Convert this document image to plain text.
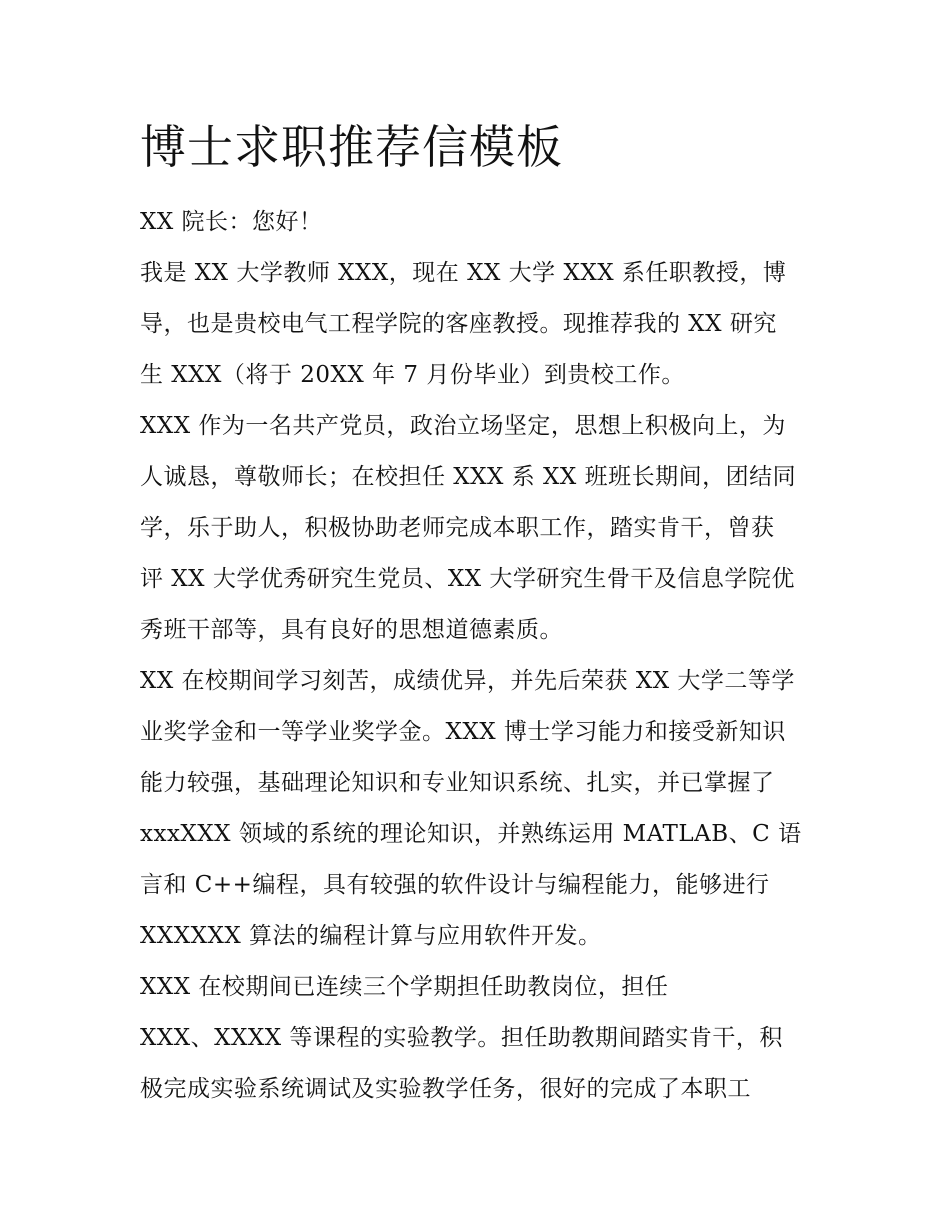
博士求职推荐信模板
XX 院长：您好！
我是 XX 大学教师 XXX，现在 XX 大学 XXX 系任职教授，博
导，也是贵校电气工程学院的客座教授。现推荐我的 XX 研究
生 XXX（将于 20XX 年 7 月份毕业）到贵校工作。
XXX 作为一名共产党员，政治立场坚定，思想上积极向上，为
人诚恳，尊敬师长；在校担任 XXX 系 XX 班班长期间，团结同
学，乐于助人，积极协助老师完成本职工作，踏实肯干，曾获
评 XX 大学优秀研究生党员、XX 大学研究生骨干及信息学院优
秀班干部等，具有良好的思想道德素质。
XX 在校期间学习刻苦，成绩优异，并先后荣获 XX 大学二等学
业奖学金和一等学业奖学金。XXX 博士学习能力和接受新知识
能力较强，基础理论知识和专业知识系统、扎实，并已掌握了
xxxXXX 领域的系统的理论知识，并熟练运用 MATLAB、C 语
言和 C++编程，具有较强的软件设计与编程能力，能够进行
XXXXXX 算法的编程计算与应用软件开发。
XXX 在校期间已连续三个学期担任助教岗位，担任
XXX、XXXX 等课程的实验教学。担任助教期间踏实肯干，积
极完成实验系统调试及实验教学任务，很好的完成了本职工
